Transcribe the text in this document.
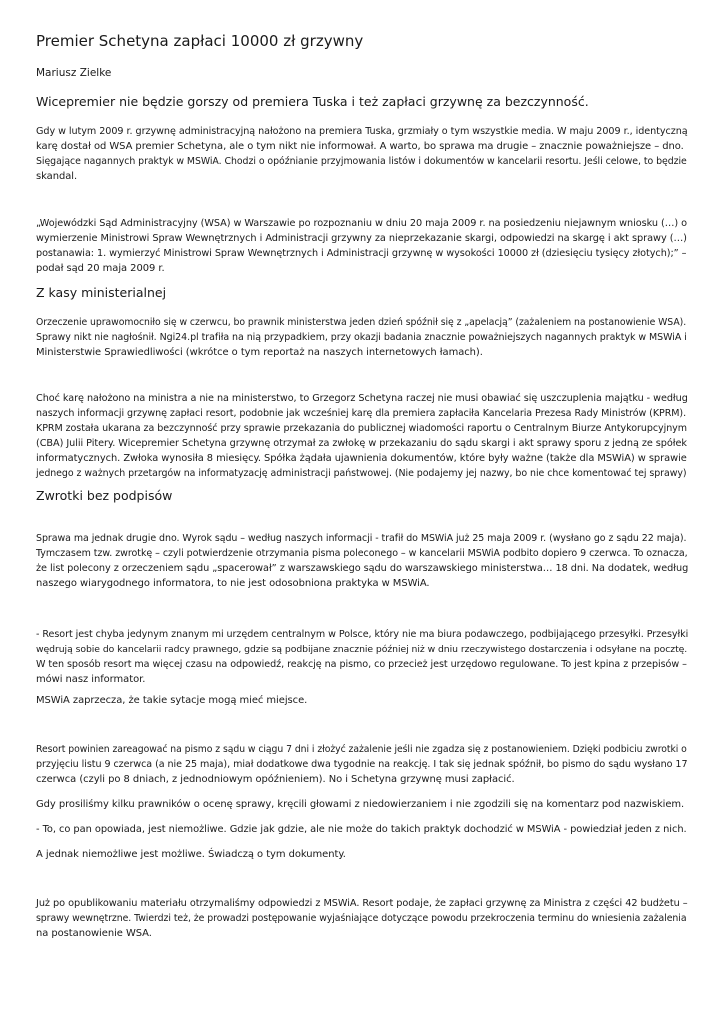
Premier Schetyna zapłaci 10000 zł grzywny
Mariusz Zielke
Wicepremier nie będzie gorszy od premiera Tuska i też zapłaci grzywnę za bezczynność.
Gdy w lutym 2009 r. grzywnę administracyjną nałożono na premiera Tuska, grzmiały o tym wszystkie media. W maju 2009 r., identyczną
karę dostał od WSA premier Schetyna, ale o tym nikt nie informował. A warto, bo sprawa ma drugie – znacznie poważniejsze – dno.
Sięgające nagannych praktyk w MSWiA. Chodzi o opóźnianie przyjmowania listów i dokumentów w kancelarii resortu. Jeśli celowe, to będzie
skandal.
„Wojewódzki Sąd Administracyjny (WSA) w Warszawie po rozpoznaniu w dniu 20 maja 2009 r. na posiedzeniu niejawnym wniosku (…) o
wymierzenie Ministrowi Spraw Wewnętrznych i Administracji grzywny za nieprzekazanie skargi, odpowiedzi na skargę i akt sprawy (…)
postanawia: 1. wymierzyć Ministrowi Spraw Wewnętrznych i Administracji grzywnę w wysokości 10000 zł (dziesięciu tysięcy złotych);” –
podał sąd 20 maja 2009 r.
Z kasy ministerialnej
Orzeczenie uprawomocniło się w czerwcu, bo prawnik ministerstwa jeden dzień spóźnił się z „apelacją” (zażaleniem na postanowienie WSA).
Sprawy nikt nie nagłośnił. Ngi24.pl trafiła na nią przypadkiem, przy okazji badania znacznie poważniejszych nagannych praktyk w MSWiA i
Ministerstwie Sprawiedliwości (wkrótce o tym reportaż na naszych internetowych łamach).
Choć karę nałożono na ministra a nie na ministerstwo, to Grzegorz Schetyna raczej nie musi obawiać się uszczuplenia majątku - według
naszych informacji grzywnę zapłaci resort, podobnie jak wcześniej karę dla premiera zapłaciła Kancelaria Prezesa Rady Ministrów (KPRM).
KPRM została ukarana za bezczynność przy sprawie przekazania do publicznej wiadomości raportu o Centralnym Biurze Antykorupcyjnym
(CBA) Julii Pitery. Wicepremier Schetyna grzywnę otrzymał za zwłokę w przekazaniu do sądu skargi i akt sprawy sporu z jedną ze spółek
informatycznych. Zwłoka wynosiła 8 miesięcy. Spółka żądała ujawnienia dokumentów, które były ważne (także dla MSWiA) w sprawie
jednego z ważnych przetargów na informatyzację administracji państwowej. (Nie podajemy jej nazwy, bo nie chce komentować tej sprawy)
Zwrotki bez podpisów
Sprawa ma jednak drugie dno. Wyrok sądu – według naszych informacji - trafił do MSWiA już 25 maja 2009 r. (wysłano go z sądu 22 maja).
Tymczasem tzw. zwrotkę – czyli potwierdzenie otrzymania pisma poleconego – w kancelarii MSWiA podbito dopiero 9 czerwca. To oznacza,
że list polecony z orzeczeniem sądu „spacerował” z warszawskiego sądu do warszawskiego ministerstwa… 18 dni. Na dodatek, według
naszego wiarygodnego informatora, to nie jest odosobniona praktyka w MSWiA.
- Resort jest chyba jedynym znanym mi urzędem centralnym w Polsce, który nie ma biura podawczego, podbijającego przesyłki. Przesyłki
wędrują sobie do kancelarii radcy prawnego, gdzie są podbijane znacznie później niż w dniu rzeczywistego dostarczenia i odsyłane na pocztę.
W ten sposób resort ma więcej czasu na odpowiedź, reakcję na pismo, co przecież jest urzędowo regulowane. To jest kpina z przepisów –
mówi nasz informator.
MSWiA zaprzecza, że takie sytacje mogą mieć miejsce.
Resort powinien zareagować na pismo z sądu w ciągu 7 dni i złożyć zażalenie jeśli nie zgadza się z postanowieniem. Dzięki podbiciu zwrotki o
przyjęciu listu 9 czerwca (a nie 25 maja), miał dodatkowe dwa tygodnie na reakcję. I tak się jednak spóźnił, bo pismo do sądu wysłano 17
czerwca (czyli po 8 dniach, z jednodniowym opóźnieniem). No i Schetyna grzywnę musi zapłacić.
Gdy prosiliśmy kilku prawników o ocenę sprawy, kręcili głowami z niedowierzaniem i nie zgodzili się na komentarz pod nazwiskiem.
- To, co pan opowiada, jest niemożliwe. Gdzie jak gdzie, ale nie może do takich praktyk dochodzić w MSWiA - powiedział jeden z nich.
A jednak niemożliwe jest możliwe. Świadczą o tym dokumenty.
Już po opublikowaniu materiału otrzymaliśmy odpowiedzi z MSWiA. Resort podaje, że zapłaci grzywnę za Ministra z części 42 budżetu –
sprawy wewnętrzne. Twierdzi też, że prowadzi postępowanie wyjaśniające dotyczące powodu przekroczenia terminu do wniesienia zażalenia
na postanowienie WSA.
